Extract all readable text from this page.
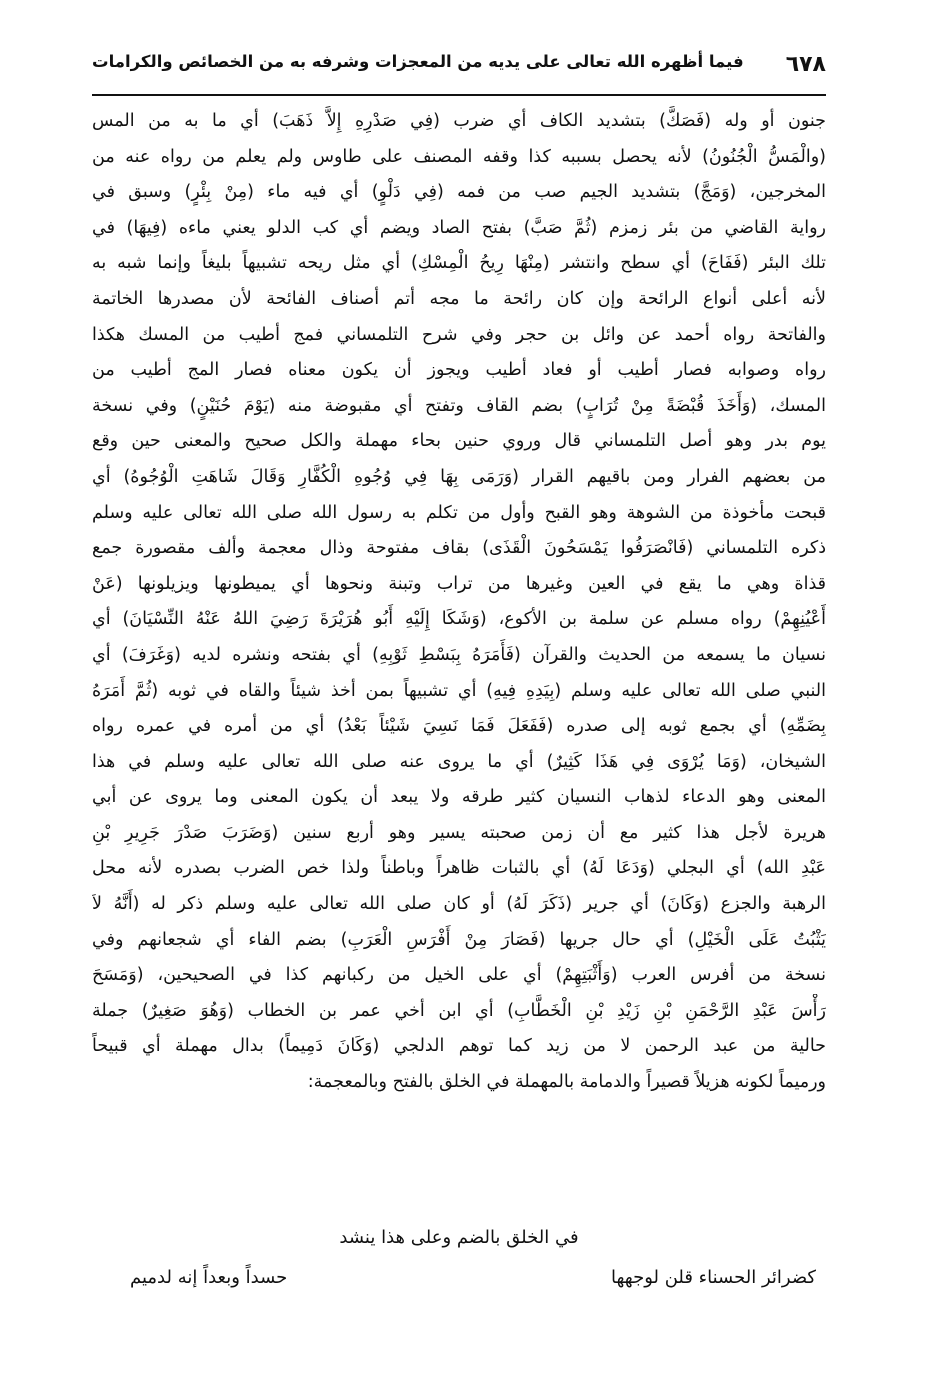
٦٧٨
فيما أظهره الله تعالى على يديه من المعجزات وشرفه به من الخصائص والكرامات
جنون أو وله (فَصَكَّ) بتشديد الكاف أي ضرب (فِي صَدْرِهِ إِلاَّ ذَهَبَ) أي ما به من المس
(والْمَسُّ الْجُنُونُ) لأنه يحصل بسببه كذا وقفه المصنف على طاوس ولم يعلم من رواه عنه من
المخرجين، (وَمَجَّ) بتشديد الجيم صب من فمه (فِي دَلْوٍ) أي فيه ماء (مِنْ بِئْرٍ) وسبق في
رواية القاضي من بئر زمزم (ثُمَّ صَبَّ) بفتح الصاد ويضم أي كب الدلو يعني ماءه (فِيهَا) في
تلك البئر (فَفَاحَ) أي سطح وانتشر (مِنْهَا رِيحُ الْمِسْكِ) أي مثل ريحه تشبيهاً بليغاً وإنما شبه به
لأنه أعلى أنواع الرائحة وإن كان رائحة ما مجه أتم أصناف الفائحة لأن مصدرها الخاتمة
والفاتحة رواه أحمد عن وائل بن حجر وفي شرح التلمساني فمج أطيب من المسك هكذا
رواه وصوابه فصار أطيب أو فعاد أطيب ويجوز أن يكون معناه فصار المج أطيب من
المسك، (وَأَخَذَ قُبْضَةً مِنْ تُرَابٍ) بضم القاف وتفتح أي مقبوضة منه (يَوْمَ حُنَيْنٍ) وفي نسخة
يوم بدر وهو أصل التلمساني قال وروي حنين بحاء مهملة والكل صحيح والمعنى حين وقع
من بعضهم الفرار ومن باقيهم القرار (وَرَمَى بِهَا فِي وُجُوهِ الْكُفَّارِ وَقَالَ شَاهَتِ الْوُجُوهُ) أي
قبحت مأخوذة من الشوهة وهو القبح وأول من تكلم به رسول الله صلى الله تعالى عليه وسلم
ذكره التلمساني (فَانْصَرَفُوا يَمْسَحُونَ الْقَذَى) بقاف مفتوحة وذال معجمة وألف مقصورة جمع
قذاة وهي ما يقع في العين وغيرها من تراب وتبنة ونحوها أي يميطونها ويزيلونها (عَنْ
أَعْيُنِهِمْ) رواه مسلم عن سلمة بن الأكوع، (وَشَكَا إِلَيْهِ أَبُو هُرَيْرَةَ رَضِيَ اللهُ عَنْهُ النِّسْيَانَ) أي
نسيان ما يسمعه من الحديث والقرآن (فَأَمَرَهُ بِبَسْطِ ثَوْبِهِ) أي بفتحه ونشره لديه (وَغَرَفَ) أي
النبي صلى الله تعالى عليه وسلم (بِيَدِهِ فِيهِ) أي تشبيهاً بمن أخذ شيئاً والقاه في ثوبه (ثُمَّ أَمَرَهُ
بِضَمِّهِ) أي بجمع ثوبه إلى صدره (فَفَعَلَ فَمَا نَسِيَ شَيْئاً بَعْدُ) أي من أمره في عمره رواه
الشيخان، (وَمَا يُرْوَى فِي هَذَا كَثِيرٌ) أي ما يروى عنه صلى الله تعالى عليه وسلم في هذا
المعنى وهو الدعاء لذهاب النسيان كثير طرقه ولا يبعد أن يكون المعنى وما يروى عن أبي
هريرة لأجل هذا كثير مع أن زمن صحبته يسير وهو أربع سنين (وَضَرَبَ صَدْرَ جَرِيرِ بْنِ
عَبْدِ الله) أي البجلي (وَدَعَا لَهُ) أي بالثبات ظاهراً وباطناً ولذا خص الضرب بصدره لأنه محل
الرهبة والجزع (وَكَانَ) أي جرير (ذَكَرَ لَهُ) أو كان صلى الله تعالى عليه وسلم ذكر له (أَنَّهُ لاَ
يَثْبُتُ عَلَى الْخَيْلِ) أي حال جريها (فَصَارَ مِنْ أَفْرَسِ الْعَرَبِ) بضم الفاء أي شجعانهم وفي
نسخة من أفرس العرب (وَأَثْبَتِهِمْ) أي على الخيل من ركبانهم كذا في الصحيحين، (وَمَسَحَ
رَأْسَ عَبْدِ الرَّحْمَنِ بْنِ زَيْدِ بْنِ الْخَطَّابِ) أي ابن أخي عمر بن الخطاب (وَهُوَ صَغِيرٌ) جملة
حالية من عبد الرحمن لا من زيد كما توهم الدلجي (وَكَانَ دَمِيماً) بدال مهملة أي قبيحاً
ورميماً لكونه هزيلاً قصيراً والدمامة بالمهملة في الخلق بالفتح وبالمعجمة:
في الخلق بالضم وعلى هذا ينشد
كضرائر الحسناء قلن لوجهها
حسداً وبعداً إنه لدميم
